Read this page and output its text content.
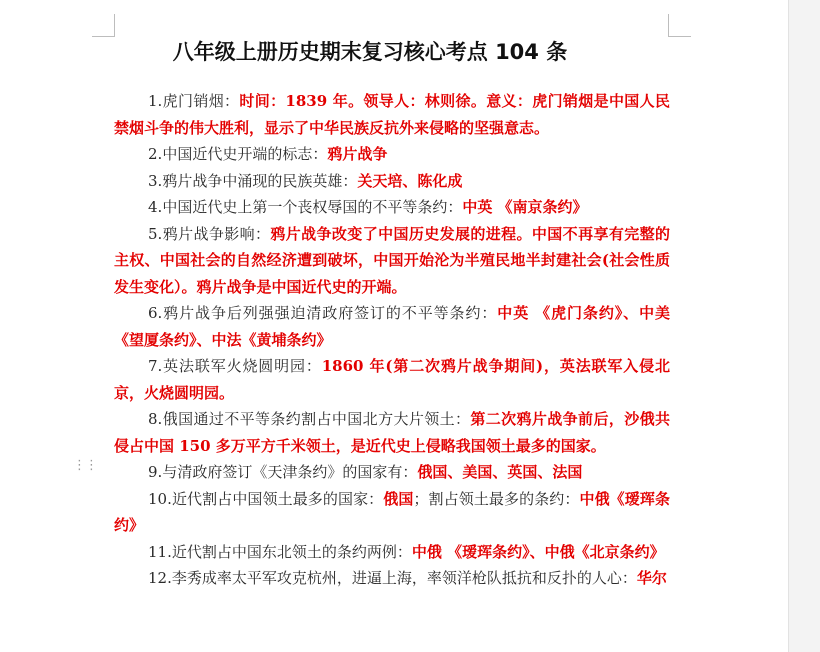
⋮⋮
八年级上册历史期末复习核心考点 104 条

1.虎门销烟：时间：1839 年。领导人：林则徐。意义：虎门销烟是中国人民禁烟斗争的伟大胜利，显示了中华民族反抗外来侵略的坚强意志。

2.中国近代史开端的标志：鸦片战争

3.鸦片战争中涌现的民族英雄：关天培、陈化成

4.中国近代史上第一个丧权辱国的不平等条约：中英 《南京条约》

5.鸦片战争影响：鸦片战争改变了中国历史发展的进程。中国不再享有完整的主权、中国社会的自然经济遭到破坏，中国开始沦为半殖民地半封建社会(社会性质发生变化）。鸦片战争是中国近代史的开端。

6.鸦片战争后列强强迫清政府签订的不平等条约：中英 《虎门条约》、中美《望厦条约》、中法《黄埔条约》

7.英法联军火烧圆明园：1860 年(第二次鸦片战争期间)，英法联军入侵北京，火烧圆明园。

8.俄国通过不平等条约割占中国北方大片领土：第二次鸦片战争前后，沙俄共侵占中国 150 多万平方千米领土，是近代史上侵略我国领土最多的国家。

9.与清政府签订《天津条约》的国家有：俄国、美国、英国、法国

10.近代割占中国领土最多的国家：俄国；割占领土最多的条约：中俄《瑷珲条约》

11.近代割占中国东北领土的条约两例：中俄 《瑷珲条约》、中俄《北京条约》

12.李秀成率太平军攻克杭州，进逼上海，率领洋枪队抵抗和反扑的人心：华尔
